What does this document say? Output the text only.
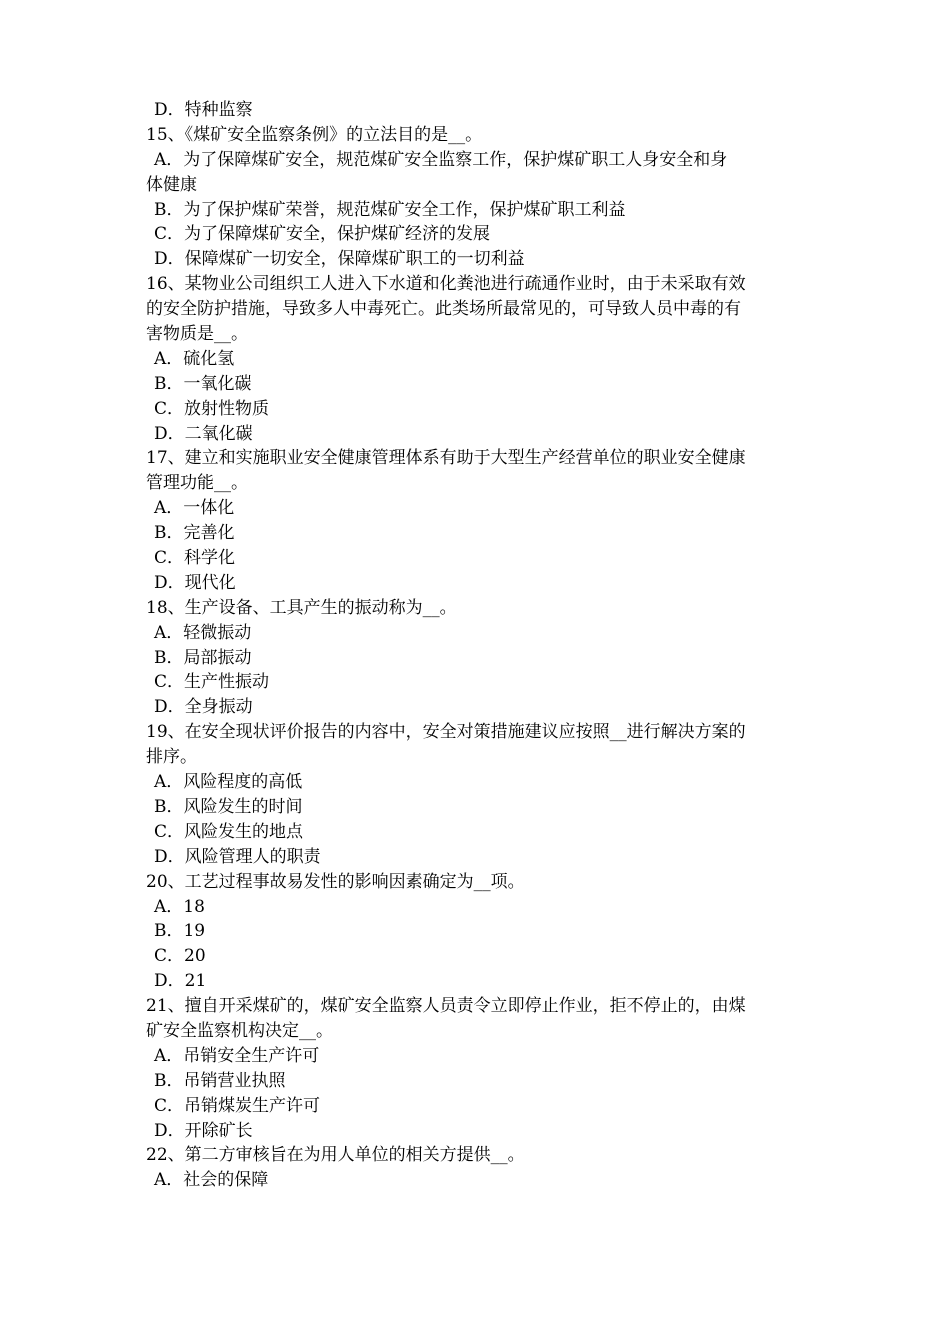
D．特种监察
15、《煤矿安全监察条例》的立法目的是__。
A．为了保障煤矿安全，规范煤矿安全监察工作，保护煤矿职工人身安全和身
体健康
B．为了保护煤矿荣誉，规范煤矿安全工作，保护煤矿职工利益
C．为了保障煤矿安全，保护煤矿经济的发展
D．保障煤矿一切安全，保障煤矿职工的一切利益
16、某物业公司组织工人进入下水道和化粪池进行疏通作业时，由于未采取有效
的安全防护措施，导致多人中毒死亡。此类场所最常见的，可导致人员中毒的有
害物质是__。
A．硫化氢
B．一氧化碳
C．放射性物质
D．二氧化碳
17、建立和实施职业安全健康管理体系有助于大型生产经营单位的职业安全健康
管理功能__。
A．一体化
B．完善化
C．科学化
D．现代化
18、生产设备、工具产生的振动称为__。
A．轻微振动
B．局部振动
C．生产性振动
D．全身振动
19、在安全现状评价报告的内容中，安全对策措施建议应按照__进行解决方案的
排序。
A．风险程度的高低
B．风险发生的时间
C．风险发生的地点
D．风险管理人的职责
20、工艺过程事故易发性的影响因素确定为__项。
A．18
B．19
C．20
D．21
21、擅自开采煤矿的，煤矿安全监察人员责令立即停止作业，拒不停止的，由煤
矿安全监察机构决定__。
A．吊销安全生产许可
B．吊销营业执照
C．吊销煤炭生产许可
D．开除矿长
22、第二方审核旨在为用人单位的相关方提供__。
A．社会的保障
